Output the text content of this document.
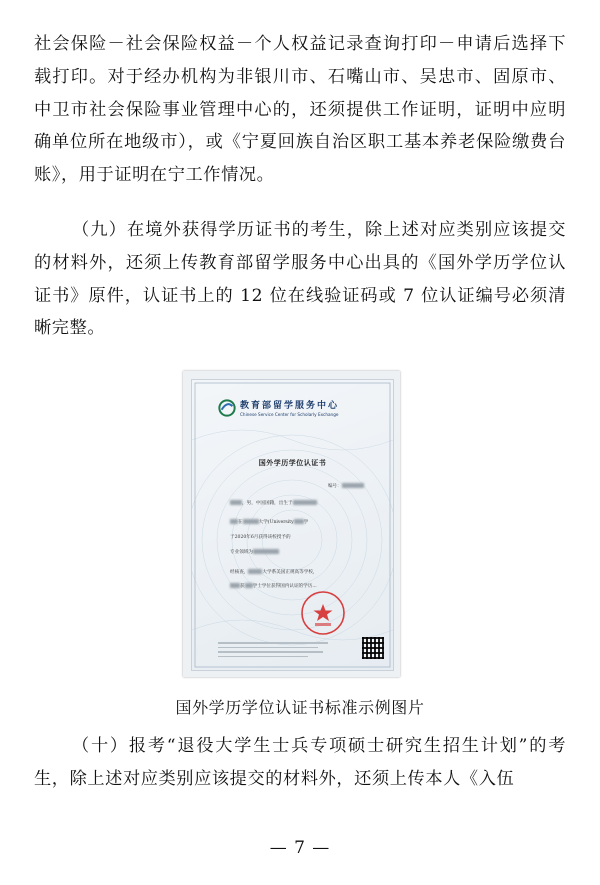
社会保险－社会保险权益－个人权益记录查询打印－申请后选择下载打印。对于经办机构为非银川市、石嘴山市、吴忠市、固原市、中卫市社会保险事业管理中心的，还须提供工作证明，证明中应明确单位所在地级市），或《宁夏回族自治区职工基本养老保险缴费台账》，用于证明在宁工作情况。

（九）在境外获得学历证书的考生，除上述对应类别应该提交的材料外，还须上传教育部留学服务中心出具的《国外学历学位认证书》原件，认证书上的 12 位在线验证码或 7 位认证编号必须清晰完整。

教育部留学服务中心
Chinese Service Center for Scholarly Exchange
国外学历学位认证书
编号：
，男，中国国籍，出生于
在	大学(University 学
于2020年6月获得该校授予的
专业领域为
经核查，	大学系美国正规高等学校，
获 学士学位获得国内认证的学历...
国外学历学位认证书标准示例图片

（十）报考“退役大学生士兵专项硕士研究生招生计划”的考生，除上述对应类别应该提交的材料外，还须上传本人《入伍

— 7 —
